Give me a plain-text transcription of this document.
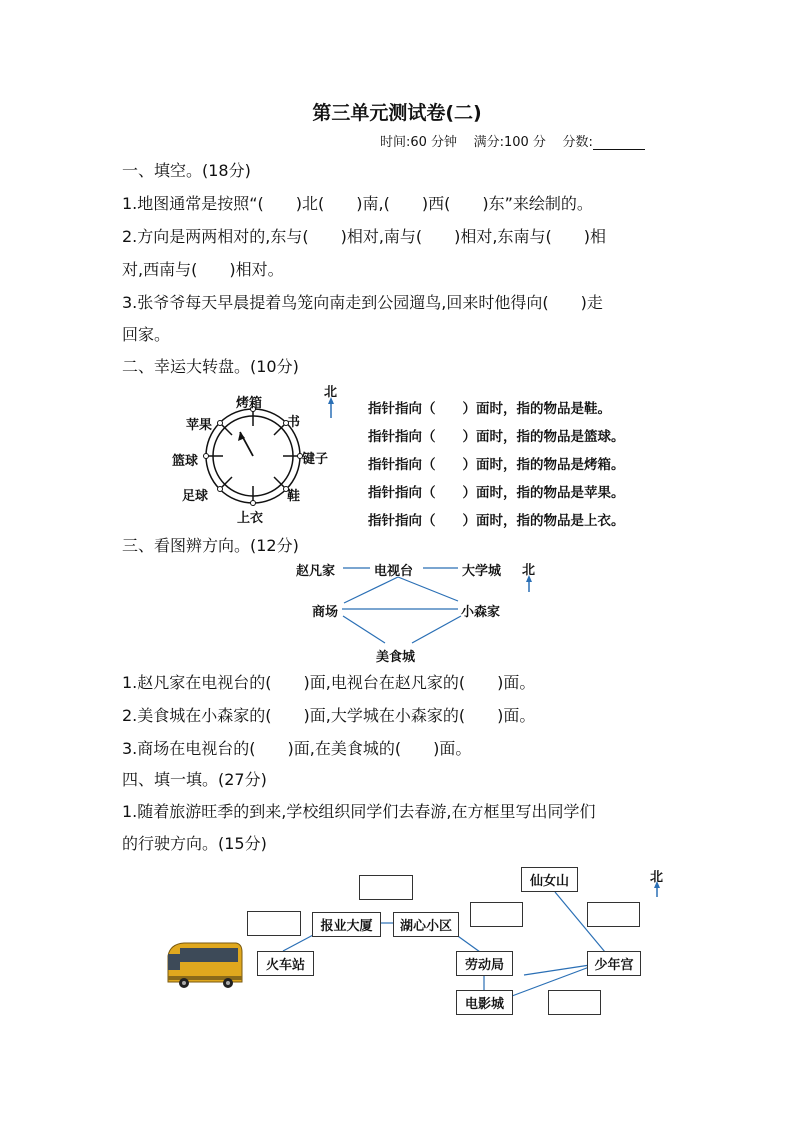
第三单元测试卷(二)
时间:60 分钟 满分:100 分 分数:
一、填空。(18分)
1.地图通常是按照“(　　)北(　　)南,(　　)西(　　)东”来绘制的。
2.方向是两两相对的,东与(　　)相对,南与(　　)相对,东南与(　　)相
对,西南与(　　)相对。
3.张爷爷每天早晨提着鸟笼向南走到公园遛鸟,回来时他得向(　　)走
回家。
二、幸运大转盘。(10分)
烤箱
书
键子
鞋
上衣
足球
篮球
苹果
北
指针指向（　　）面时，指的物品是鞋。
指针指向（　　）面时，指的物品是篮球。
指针指向（　　）面时，指的物品是烤箱。
指针指向（　　）面时，指的物品是苹果。
指针指向（　　）面时，指的物品是上衣。
三、看图辨方向。(12分)
赵凡家	电视台	大学城 北
商场	小森家
美食城
1.赵凡家在电视台的(　　)面,电视台在赵凡家的(　　)面。
2.美食城在小森家的(　　)面,大学城在小森家的(　　)面。
3.商场在电视台的(　　)面,在美食城的(　　)面。
四、填一填。(27分)
1.随着旅游旺季的到来,学校组织同学们去春游,在方框里写出同学们
的行驶方向。(15分)
火车站
报业大厦	湖心小区
劳动局
电影城
少年宫
仙女山	北
